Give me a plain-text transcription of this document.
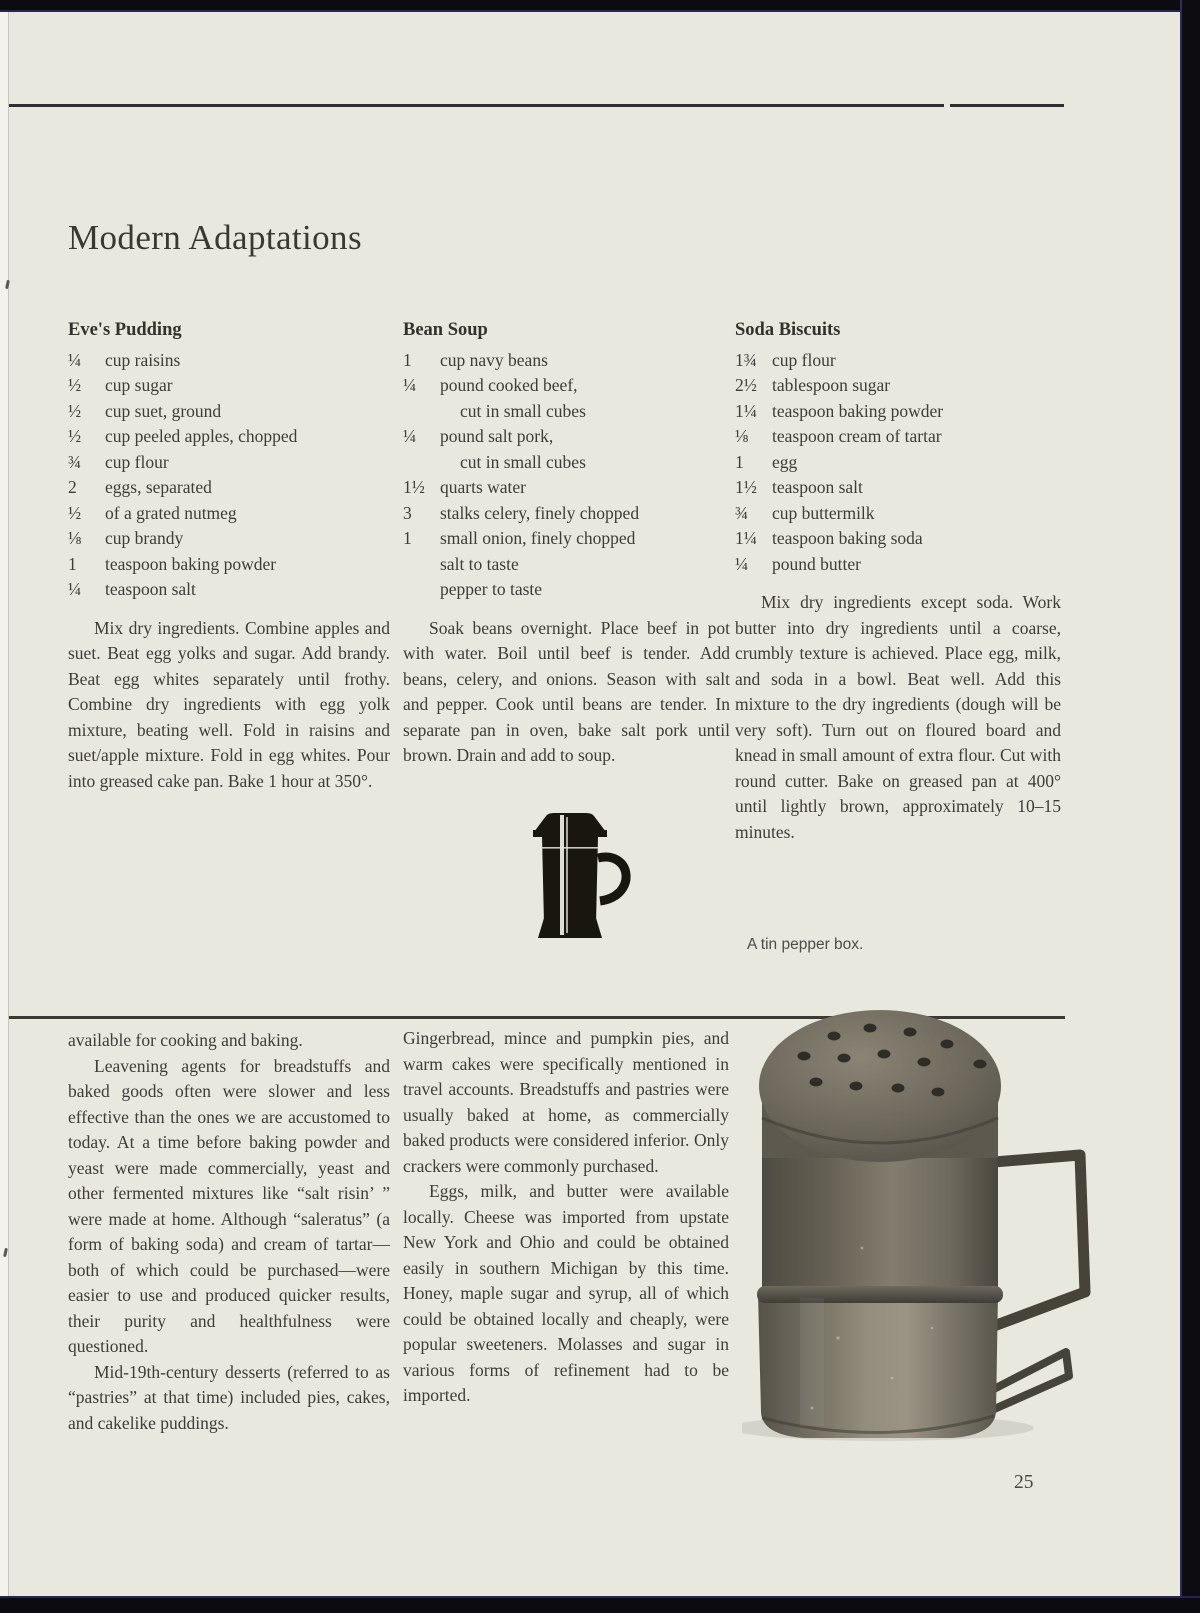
Modern Adaptations

Eve's Pudding

¼	cup raisins
½	cup sugar
½	cup suet, ground
½	cup peeled apples, chopped
¾	cup flour
2	eggs, separated
½	of a grated nutmeg
⅛	cup brandy
1	teaspoon baking powder
¼	teaspoon salt

Mix dry ingredients. Combine apples and suet. Beat egg yolks and sugar. Add brandy. Beat egg whites separately until frothy. Combine dry ingredients with egg yolk mixture, beating well. Fold in raisins and suet/apple mixture. Fold in egg whites. Pour into greased cake pan. Bake 1 hour at 350°.

Bean Soup

1	cup navy beans
¼	pound cooked beef,
cut in small cubes
¼	pound salt pork,
cut in small cubes
1½ quarts water
3	stalks celery, finely chopped
1	small onion, finely chopped
salt to taste
pepper to taste

Soak beans overnight. Place beef in pot with water. Boil until beef is tender. Add beans, celery, and onions. Season with salt and pepper. Cook until beans are tender. In separate pan in oven, bake salt pork until brown. Drain and add to soup.

Soda Biscuits

1¾ cup flour
2½ tablespoon sugar
1¼ teaspoon baking powder
⅛	teaspoon cream of tartar
1	egg
1½ teaspoon salt
¾	cup buttermilk
1¼ teaspoon baking soda
¼	pound butter

Mix dry ingredients except soda. Work butter into dry ingredients until a coarse, crumbly texture is achieved. Place egg, milk, and soda in a bowl. Beat well. Add this mixture to the dry ingredients (dough will be very soft). Turn out on floured board and knead in small amount of extra flour. Cut with round cutter. Bake on greased pan at 400° until lightly brown, approximately 10–15 minutes.

A tin pepper box.

available for cooking and baking.

Leavening agents for breadstuffs and baked goods often were slower and less effective than the ones we are accustomed to today. At a time before baking powder and yeast were made commercially, yeast and other fermented mixtures like “salt risin’ ” were made at home. Although “saleratus” (a form of baking soda) and cream of tartar—both of which could be purchased—were easier to use and produced quicker results, their purity and healthfulness were questioned.

Mid-19th-century desserts (referred to as “pastries” at that time) included pies, cakes, and cakelike puddings.

Gingerbread, mince and pumpkin pies, and warm cakes were specifically mentioned in travel accounts. Breadstuffs and pastries were usually baked at home, as commercially baked products were considered inferior. Only crackers were commonly purchased.

Eggs, milk, and butter were available locally. Cheese was imported from upstate New York and Ohio and could be obtained easily in southern Michigan by this time. Honey, maple sugar and syrup, all of which could be obtained locally and cheaply, were popular sweeteners. Molasses and sugar in various forms of refinement had to be imported.

25
